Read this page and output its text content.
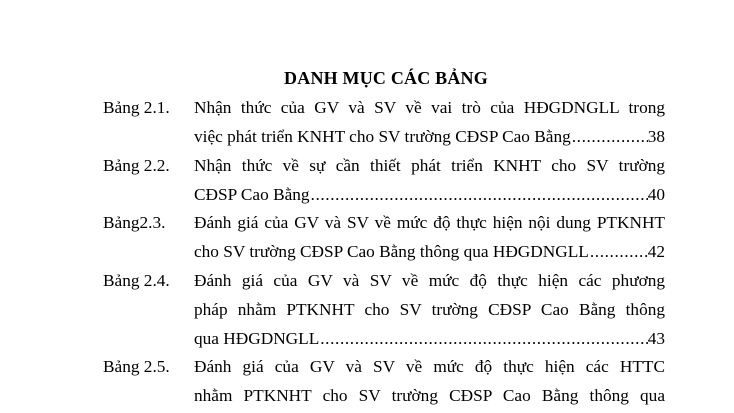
DANH MỤC CÁC BẢNG
Bảng 2.1. Nhận thức của GV và SV về vai trò của HĐGDNGLL trong
việc phát triển KNHT cho SV trường CĐSP Cao Bằng .....	38
Bảng 2.2. Nhận thức về sự cần thiết phát triển KNHT cho SV trường
CĐSP Cao Bằng .....	40
Bảng2.3. Đánh giá của GV và SV về mức độ thực hiện nội dung PTKNHT
cho SV trường CĐSP Cao Bằng thông qua HĐGDNGLL .....	42
Bảng 2.4. Đánh giá của GV và SV về mức độ thực hiện các phương
pháp nhằm PTKNHT cho SV trường CĐSP Cao Bằng thông
qua HĐGDNGLL .....	43
Bảng 2.5. Đánh giá của GV và SV về mức độ thực hiện các HTTC
nhằm PTKNHT cho SV trường CĐSP Cao Bằng thông qua
